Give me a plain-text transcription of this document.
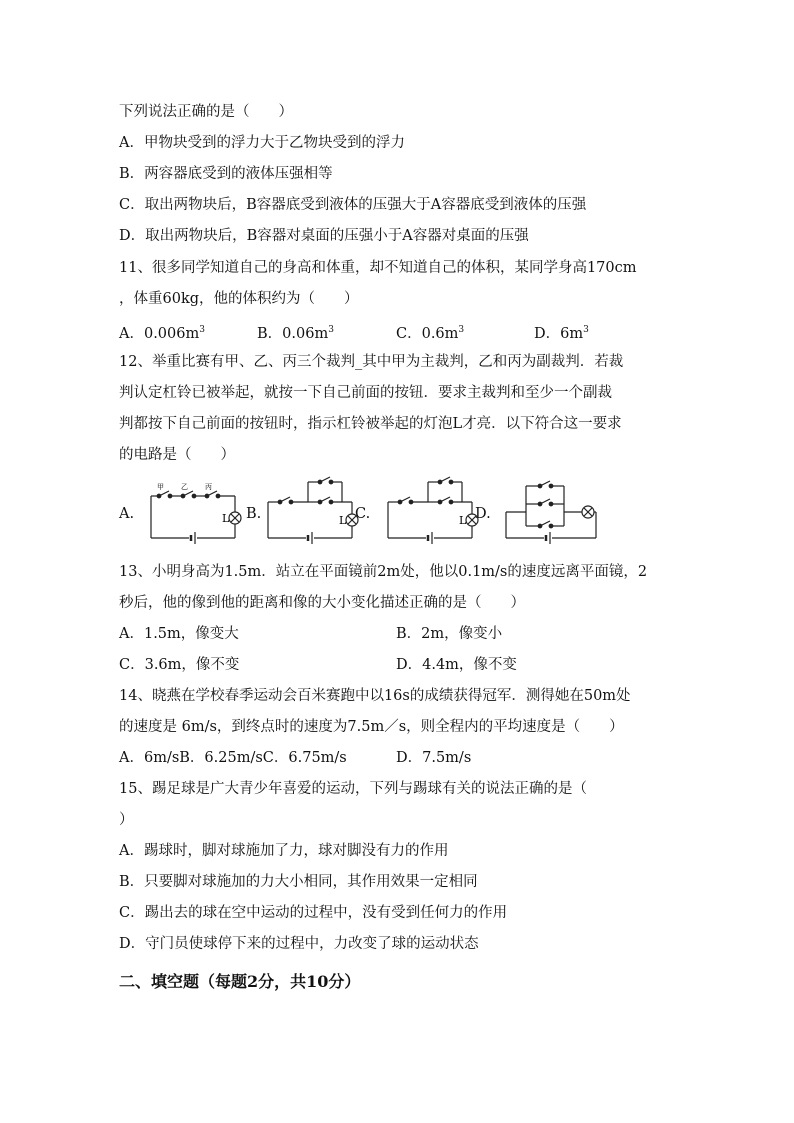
下列说法正确的是（　　）
A．甲物块受到的浮力大于乙物块受到的浮力
B．两容器底受到的液体压强相等
C．取出两物块后，B容器底受到液体的压强大于A容器底受到液体的压强
D．取出两物块后，B容器对桌面的压强小于A容器对桌面的压强
11、很多同学知道自己的身高和体重，却不知道自己的体积，某同学身高170cm
，体重60kg，他的体积约为（　　）
A．$0.006m^3$	B．$0.06m^3$	C．$0.6m^3$	D．$6m^3$
12、举重比赛有甲、乙、丙三个裁判_其中甲为主裁判，乙和丙为副裁判．若裁
判认定杠铃已被举起，就按一下自己前面的按钮．要求主裁判和至少一个副裁
判都按下自己前面的按钮时，指示杠铃被举起的灯泡L才亮．以下符合这一要求
的电路是（　　）
A.	B.	C.	D.
甲 乙 丙
L	L	L
13、小明身高为1.5m．站立在平面镜前2m处，他以0.1m/s的速度远离平面镜，2
秒后，他的像到他的距离和像的大小变化描述正确的是（　　）
A．1.5m，像变大	B．2m，像变小
C．3.6m，像不变	D．4.4m，像不变
14、晓燕在学校春季运动会百米赛跑中以16s的成绩获得冠军．测得她在50m处
的速度是 6m/s，到终点时的速度为7.5m／s，则全程内的平均速度是（　　）
A．6m/sB．6.25m/sC．6.75m/s	D．7.5m/s
15、踢足球是广大青少年喜爱的运动，下列与踢球有关的说法正确的是（
）
A．踢球时，脚对球施加了力，球对脚没有力的作用
B．只要脚对球施加的力大小相同，其作用效果一定相同
C．踢出去的球在空中运动的过程中，没有受到任何力的作用
D．守门员使球停下来的过程中，力改变了球的运动状态
二、填空题（每题2分，共10分）
